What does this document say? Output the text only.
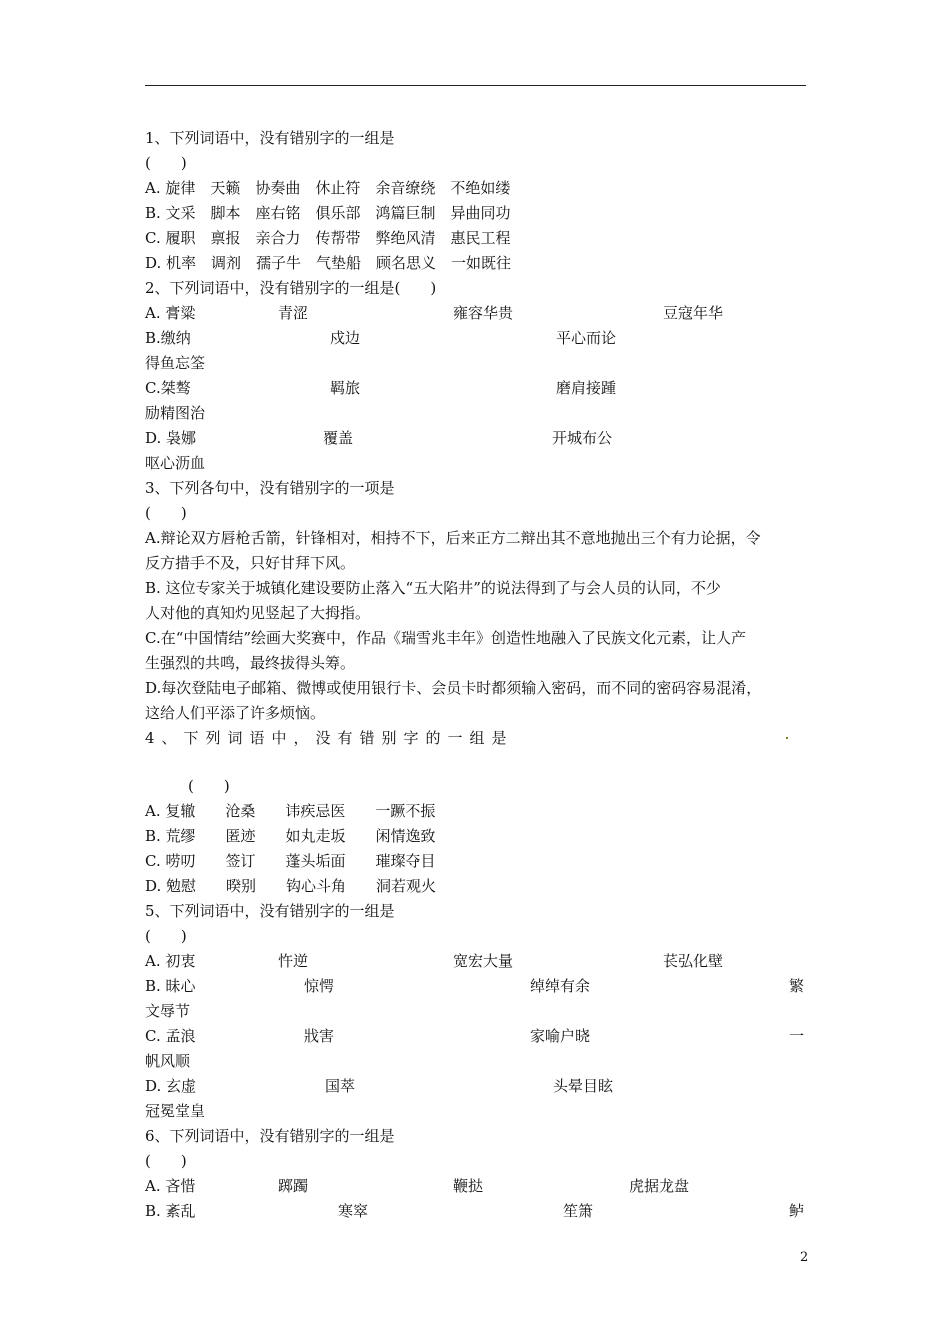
1、下列词语中，没有错别字的一组是
(　　)
A. 旋律　天籁　协奏曲　休止符　余音缭绕　不绝如缕
B. 文采　脚本　座右铭　俱乐部　鸿篇巨制　异曲同功
C. 履职　禀报　亲合力　传帮带　弊绝风清　惠民工程
D. 机率　调剂　孺子牛　气垫船　顾名思义　一如既往
2、下列词语中，没有错别字的一组是(　　)
A. 膏粱	青涩	雍容华贵	豆寇年华
B.缴纳	戍边	平心而论
得鱼忘筌
C.桀骜	羁旅	磨肩接踵
励精图治
D. 袅娜	覆盖	开城布公
呕心沥血
3、下列各句中，没有错别字的一项是
(　　)
A.辩论双方唇枪舌箭，针锋相对，相持不下，后来正方二辩出其不意地抛出三个有力论据，令
反方措手不及，只好甘拜下风。
B. 这位专家关于城镇化建设要防止落入“五大陷井”的说法得到了与会人员的认同，不少
人对他的真知灼见竖起了大拇指。
C.在“中国情结”绘画大奖赛中，作品《瑞雪兆丰年》创造性地融入了民族文化元素，让人产
生强烈的共鸣，最终拔得头筹。
D.每次登陆电子邮箱、微博或使用银行卡、会员卡时都须输入密码，而不同的密码容易混淆，
这给人们平添了许多烦恼。
4、下列词语中，没有错别字的一组是
(　　)
A. 复辙　　沧桑　　讳疾忌医　　一蹶不振
B. 荒缪　　匿迹　　如丸走坂　　闲情逸致
C. 唠叨　　签订　　蓬头垢面　　璀璨夺目
D. 勉慰　　暌别　　钩心斗角　　洞若观火
5、下列词语中，没有错别字的一组是
(　　)
A. 初衷	忤逆	宽宏大量	苌弘化壁
B. 昧心	惊愕	绰绰有余	繁
文辱节
C. 孟浪	戕害	家喻户晓	一
帆风顺
D. 玄虚	国萃	头晕目眩
冠冕堂皇
6、下列词语中，没有错别字的一组是
(　　)
A. 吝惜	踯躅	鞭挞	虎据龙盘
B. 紊乱	寒窣	笙箫	鲈
2
